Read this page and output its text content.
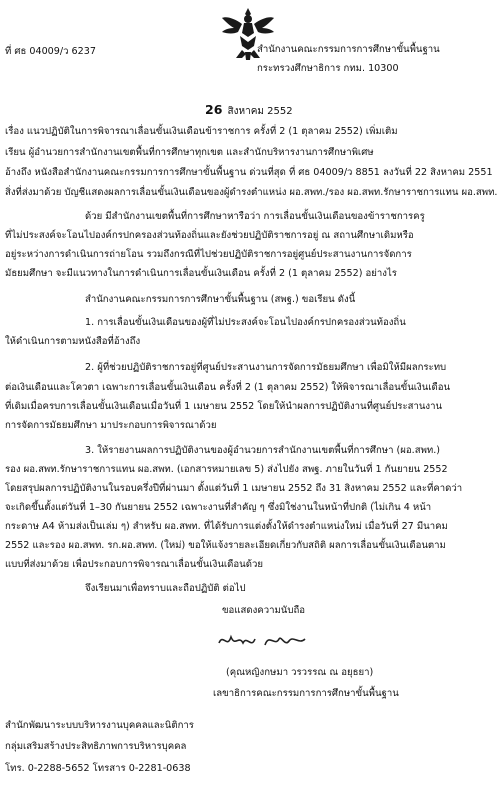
ที่ ศธ 04009/ว 6237	สำนักงานคณะกรรมการการศึกษาขั้นพื้นฐาน
กระทรวงศึกษาธิการ กทม. 10300
26 สิงหาคม 2552
เรื่อง แนวปฏิบัติในการพิจารณาเลื่อนขั้นเงินเดือนข้าราชการ ครั้งที่ 2 (1 ตุลาคม 2552) เพิ่มเติม
เรียน ผู้อำนวยการสำนักงานเขตพื้นที่การศึกษาทุกเขต และสำนักบริหารงานการศึกษาพิเศษ
อ้างถึง หนังสือสำนักงานคณะกรรมการการศึกษาขั้นพื้นฐาน ด่วนที่สุด ที่ ศธ 04009/ว 8851 ลงวันที่ 22 สิงหาคม 2551
สิ่งที่ส่งมาด้วย บัญชีแสดงผลการเลื่อนขั้นเงินเดือนของผู้ดำรงตำแหน่ง ผอ.สพท./รอง ผอ.สพท.รักษาราชการแทน ผอ.สพท.
ด้วย มีสำนักงานเขตพื้นที่การศึกษาหารือว่า การเลื่อนขั้นเงินเดือนของข้าราชการครู
ที่ไม่ประสงค์จะโอนไปองค์กรปกครองส่วนท้องถิ่นและยังช่วยปฏิบัติราชการอยู่ ณ สถานศึกษาเดิมหรือ
อยู่ระหว่างการดำเนินการถ่ายโอน รวมถึงกรณีที่ไปช่วยปฏิบัติราชการอยู่ศูนย์ประสานงานการจัดการ
มัธยมศึกษา จะมีแนวทางในการดำเนินการเลื่อนขั้นเงินเดือน ครั้งที่ 2 (1 ตุลาคม 2552) อย่างไร
สำนักงานคณะกรรมการการศึกษาขั้นพื้นฐาน (สพฐ.) ขอเรียน ดังนี้
1. การเลื่อนขั้นเงินเดือนของผู้ที่ไม่ประสงค์จะโอนไปองค์กรปกครองส่วนท้องถิ่น
ให้ดำเนินการตามหนังสือที่อ้างถึง
2. ผู้ที่ช่วยปฏิบัติราชการอยู่ที่ศูนย์ประสานงานการจัดการมัธยมศึกษา เพื่อมิให้มีผลกระทบ
ต่อเงินเดือนและโควตา เฉพาะการเลื่อนขั้นเงินเดือน ครั้งที่ 2 (1 ตุลาคม 2552) ให้พิจารณาเลื่อนขั้นเงินเดือน
ที่เดิมเมื่อครบการเลื่อนขั้นเงินเดือนเมื่อวันที่ 1 เมษายน 2552 โดยให้นำผลการปฏิบัติงานที่ศูนย์ประสานงาน
การจัดการมัธยมศึกษา มาประกอบการพิจารณาด้วย
3. ให้รายงานผลการปฏิบัติงานของผู้อำนวยการสำนักงานเขตพื้นที่การศึกษา (ผอ.สพท.)
รอง ผอ.สพท.รักษาราชการแทน ผอ.สพท. (เอกสารหมายเลข 5) ส่งไปยัง สพฐ. ภายในวันที่ 1 กันยายน 2552
โดยสรุปผลการปฏิบัติงานในรอบครึ่งปีที่ผ่านมา ตั้งแต่วันที่ 1 เมษายน 2552 ถึง 31 สิงหาคม 2552 และที่คาดว่า
จะเกิดขึ้นตั้งแต่วันที่ 1–30 กันยายน 2552 เฉพาะงานที่สำคัญ ๆ ซึ่งมิใช่งานในหน้าที่ปกติ (ไม่เกิน 4 หน้า
กระดาษ A4 ห้ามส่งเป็นเล่ม ๆ) สำหรับ ผอ.สพท. ที่ได้รับการแต่งตั้งให้ดำรงตำแหน่งใหม่ เมื่อวันที่ 27 มีนาคม
2552 และรอง ผอ.สพท. รก.ผอ.สพท. (ใหม่) ขอให้แจ้งรายละเอียดเกี่ยวกับสถิติ ผลการเลื่อนขั้นเงินเดือนตาม
แบบที่ส่งมาด้วย เพื่อประกอบการพิจารณาเลื่อนขั้นเงินเดือนด้วย
จึงเรียนมาเพื่อทราบและถือปฏิบัติ ต่อไป
ขอแสดงความนับถือ
(คุณหญิงกษมา วรวรรณ ณ อยุธยา)
เลขาธิการคณะกรรมการการศึกษาขั้นพื้นฐาน
สำนักพัฒนาระบบบริหารงานบุคคลและนิติการ
กลุ่มเสริมสร้างประสิทธิภาพการบริหารบุคคล
โทร. 0-2288-5652 โทรสาร 0-2281-0638
